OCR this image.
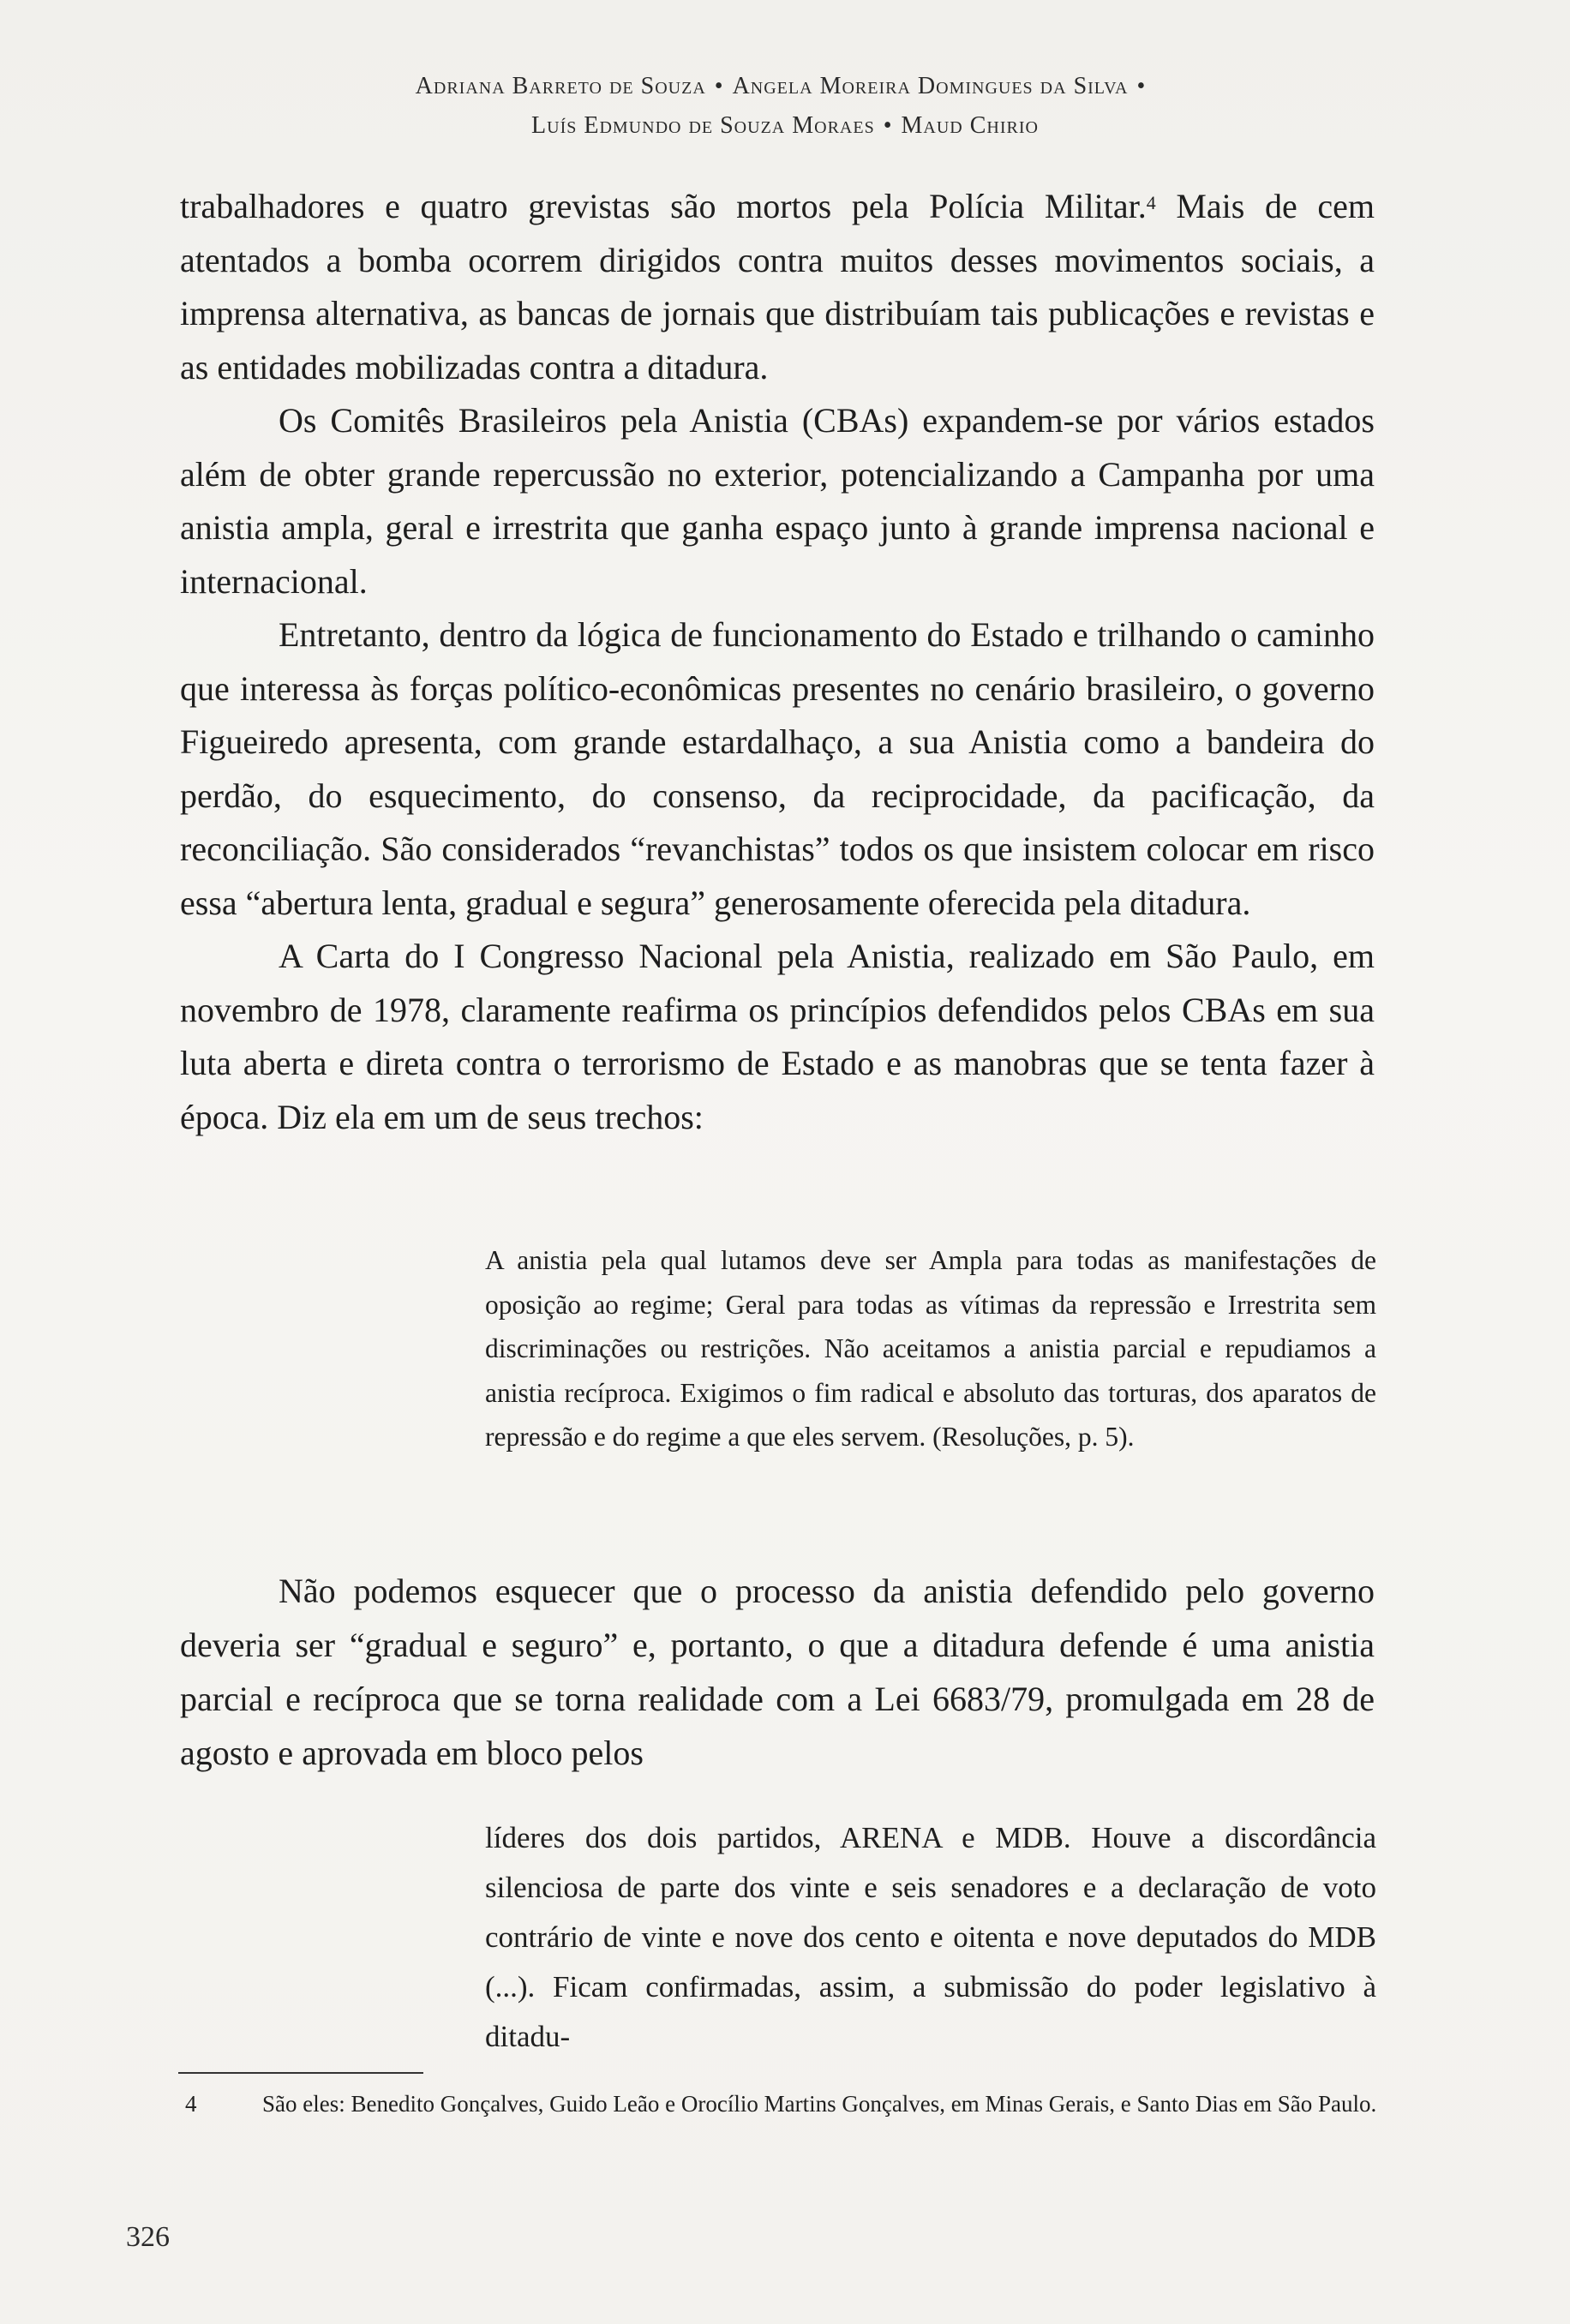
Adriana Barreto de Souza • Angela Moreira Domingues da Silva •
Luís Edmundo de Souza Moraes • Maud Chirio

trabalhadores e quatro grevistas são mortos pela Polícia Militar.$^4$ Mais de cem atentados a bomba ocorrem dirigidos contra muitos desses movimentos sociais, a imprensa alternativa, as bancas de jornais que distribuíam tais publicações e revistas e as entidades mobilizadas contra a ditadura.

Os Comitês Brasileiros pela Anistia (CBAs) expandem-se por vários estados além de obter grande repercussão no exterior, potencializando a Campanha por uma anistia ampla, geral e irrestrita que ganha espaço junto à grande imprensa nacional e internacional.

Entretanto, dentro da lógica de funcionamento do Estado e trilhando o caminho que interessa às forças político-econômicas presentes no cenário brasileiro, o governo Figueiredo apresenta, com grande estardalhaço, a sua Anistia como a bandeira do perdão, do esquecimento, do consenso, da reciprocidade, da pacificação, da reconciliação. São considerados “revanchistas” todos os que insistem colocar em risco essa “abertura lenta, gradual e segura” generosamente oferecida pela ditadura.

A Carta do I Congresso Nacional pela Anistia, realizado em São Paulo, em novembro de 1978, claramente reafirma os princípios defendidos pelos CBAs em sua luta aberta e direta contra o terrorismo de Estado e as manobras que se tenta fazer à época. Diz ela em um de seus trechos:

A anistia pela qual lutamos deve ser Ampla para todas as manifestações de oposição ao regime; Geral para todas as vítimas da repressão e Irrestrita sem discriminações ou restrições. Não aceitamos a anistia parcial e repudiamos a anistia recíproca. Exigimos o fim radical e absoluto das torturas, dos aparatos de repressão e do regime a que eles servem. (Resoluções, p. 5).

Não podemos esquecer que o processo da anistia defendido pelo governo deveria ser “gradual e seguro” e, portanto, o que a ditadura defende é uma anistia parcial e recíproca que se torna realidade com a Lei 6683/79, promulgada em 28 de agosto e aprovada em bloco pelos

líderes dos dois partidos, ARENA e MDB. Houve a discordância silenciosa de parte dos vinte e seis senadores e a declaração de voto contrário de vinte e nove dos cento e oitenta e nove deputados do MDB (...). Ficam confirmadas, assim, a submissão do poder legislativo à ditadu-

4	São eles: Benedito Gonçalves, Guido Leão e Orocílio Martins Gonçalves, em Minas Gerais, e Santo Dias em São Paulo.
326
